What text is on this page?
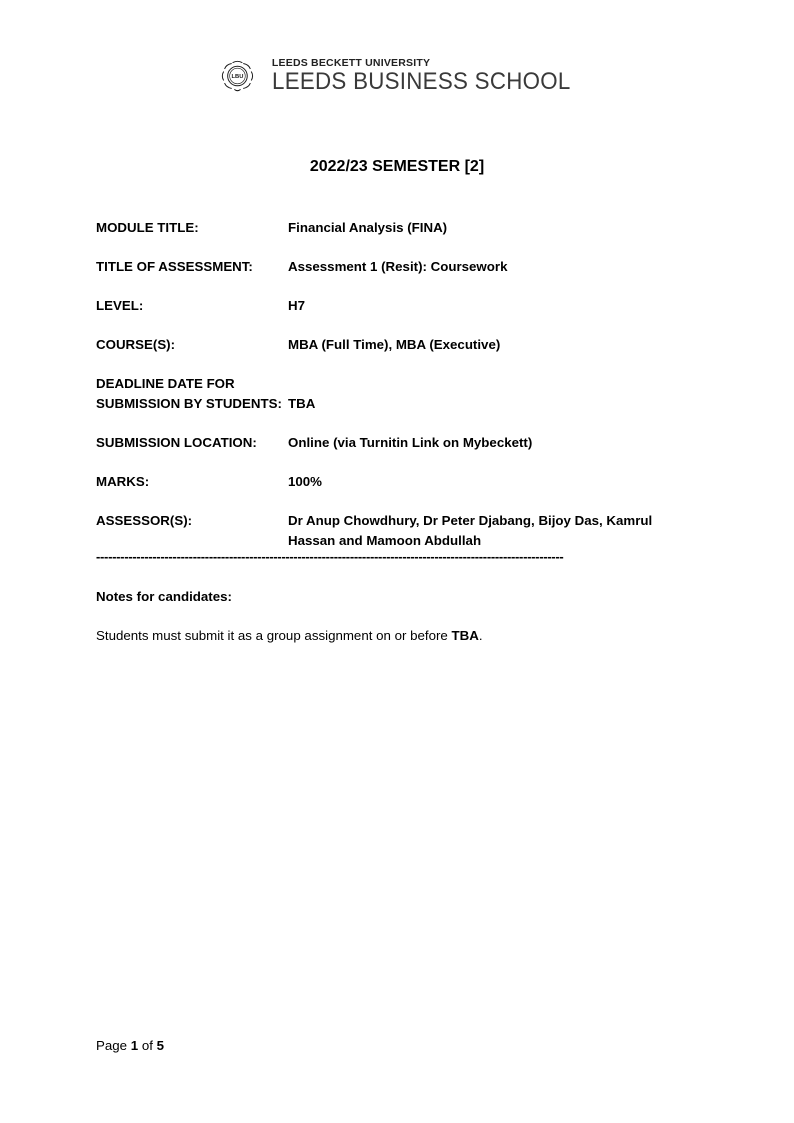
LBU
LEEDS BECKETT UNIVERSITY
LEEDS BUSINESS SCHOOL
2022/23 SEMESTER [2]
MODULE TITLE:	Financial Analysis (FINA)
TITLE OF ASSESSMENT:	Assessment 1 (Resit): Coursework
LEVEL:	H7
COURSE(S):	MBA (Full Time), MBA (Executive)
DEADLINE DATE FOR
SUBMISSION BY STUDENTS: TBA
SUBMISSION LOCATION:	Online (via Turnitin Link on Mybeckett)
MARKS:	100%
ASSESSOR(S):	Dr Anup Chowdhury, Dr Peter Djabang, Bijoy Das, Kamrul
Hassan and Mamoon Abdullah
--------------------------------------------------------------------------------------------------------------------
Notes for candidates:
Students must submit it as a group assignment on or before TBA.
Page 1 of 5
